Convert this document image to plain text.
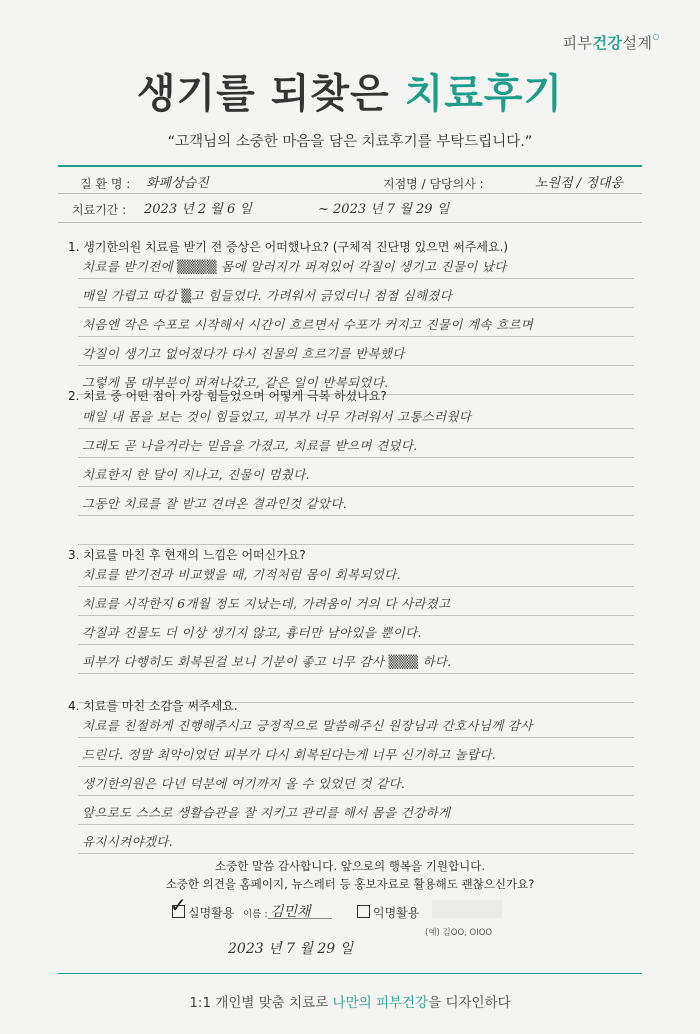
피부건강설계○
생기를 되찾은 치료후기
“고객님의 소중한 마음을 담은 치료후기를 부탁드립니다.”
질 환 명 : 화폐상습진	지점명 / 담당의사 :	노원점 / 정대웅
치료기간 : 2023 년 2 월 6 일	~ 2023 년 7 월 29 일
1. 생기한의원 치료를 받기 전 증상은 어떠했나요? (구체적 진단명 있으면 써주세요.)
치료를 받기전에 ▒▒▒▒ 몸에 알러지가 퍼져있어 각질이 생기고 진물이 났다
매일 가렵고 따갑 ▒고 힘들었다. 가려워서 긁었더니 점점 심해졌다
처음엔 작은 수포로 시작해서 시간이 흐르면서 수포가 커지고 진물이 계속 흐르며
각질이 생기고 없어졌다가 다시 진물의 흐르기를 반복했다
그렇게 몸 대부분이 퍼져나갔고, 같은 일이 반복되었다.
2. 치료 중 어떤 점이 가장 힘들었으며 어떻게 극복 하셨나요?
매일 내 몸을 보는 것이 힘들었고, 피부가 너무 가려워서 고통스러웠다
그래도 곧 나을거라는 믿음을 가졌고, 치료를 받으며 견뎠다.
치료한지 한 달이 지나고, 진물이 멈췄다.
그동안 치료를 잘 받고 견뎌온 결과인것 같았다.
3. 치료를 마친 후 현재의 느낌은 어떠신가요?
치료를 받기전과 비교했을 때, 기적처럼 몸이 회복되었다.
치료를 시작한지 6개월 정도 지났는데, 가려움이 거의 다 사라졌고
각질과 진물도 더 이상 생기지 않고, 흉터만 남아있을 뿐이다.
피부가 다행히도 회복된걸 보니 기분이 좋고 너무 감사 ▒▒▒ 하다.
4. 치료를 마친 소감을 써주세요.
치료를 친절하게 진행해주시고 긍정적으로 말씀해주신 원장님과 간호사님께 감사
드린다. 정말 최악이었던 피부가 다시 회복된다는게 너무 신기하고 놀랍다.
생기한의원은 다년 덕분에 여기까지 올 수 있었던 것 같다.
앞으로도 스스로 생활습관을 잘 지키고 관리를 해서 몸을 건강하게
유지시켜야겠다.
소중한 말씀 감사합니다. 앞으로의 행복을 기원합니다.
소중한 의견을 홈페이지, 뉴스레터 등 홍보자료로 활용해도 괜찮으신가요?
✓ 실명활용 이름 : 김민채	익명활용
(예) 김OO, OIOO
2023 년 7 월 29 일
1:1 개인별 맞춤 치료로 나만의 피부건강을 디자인하다
